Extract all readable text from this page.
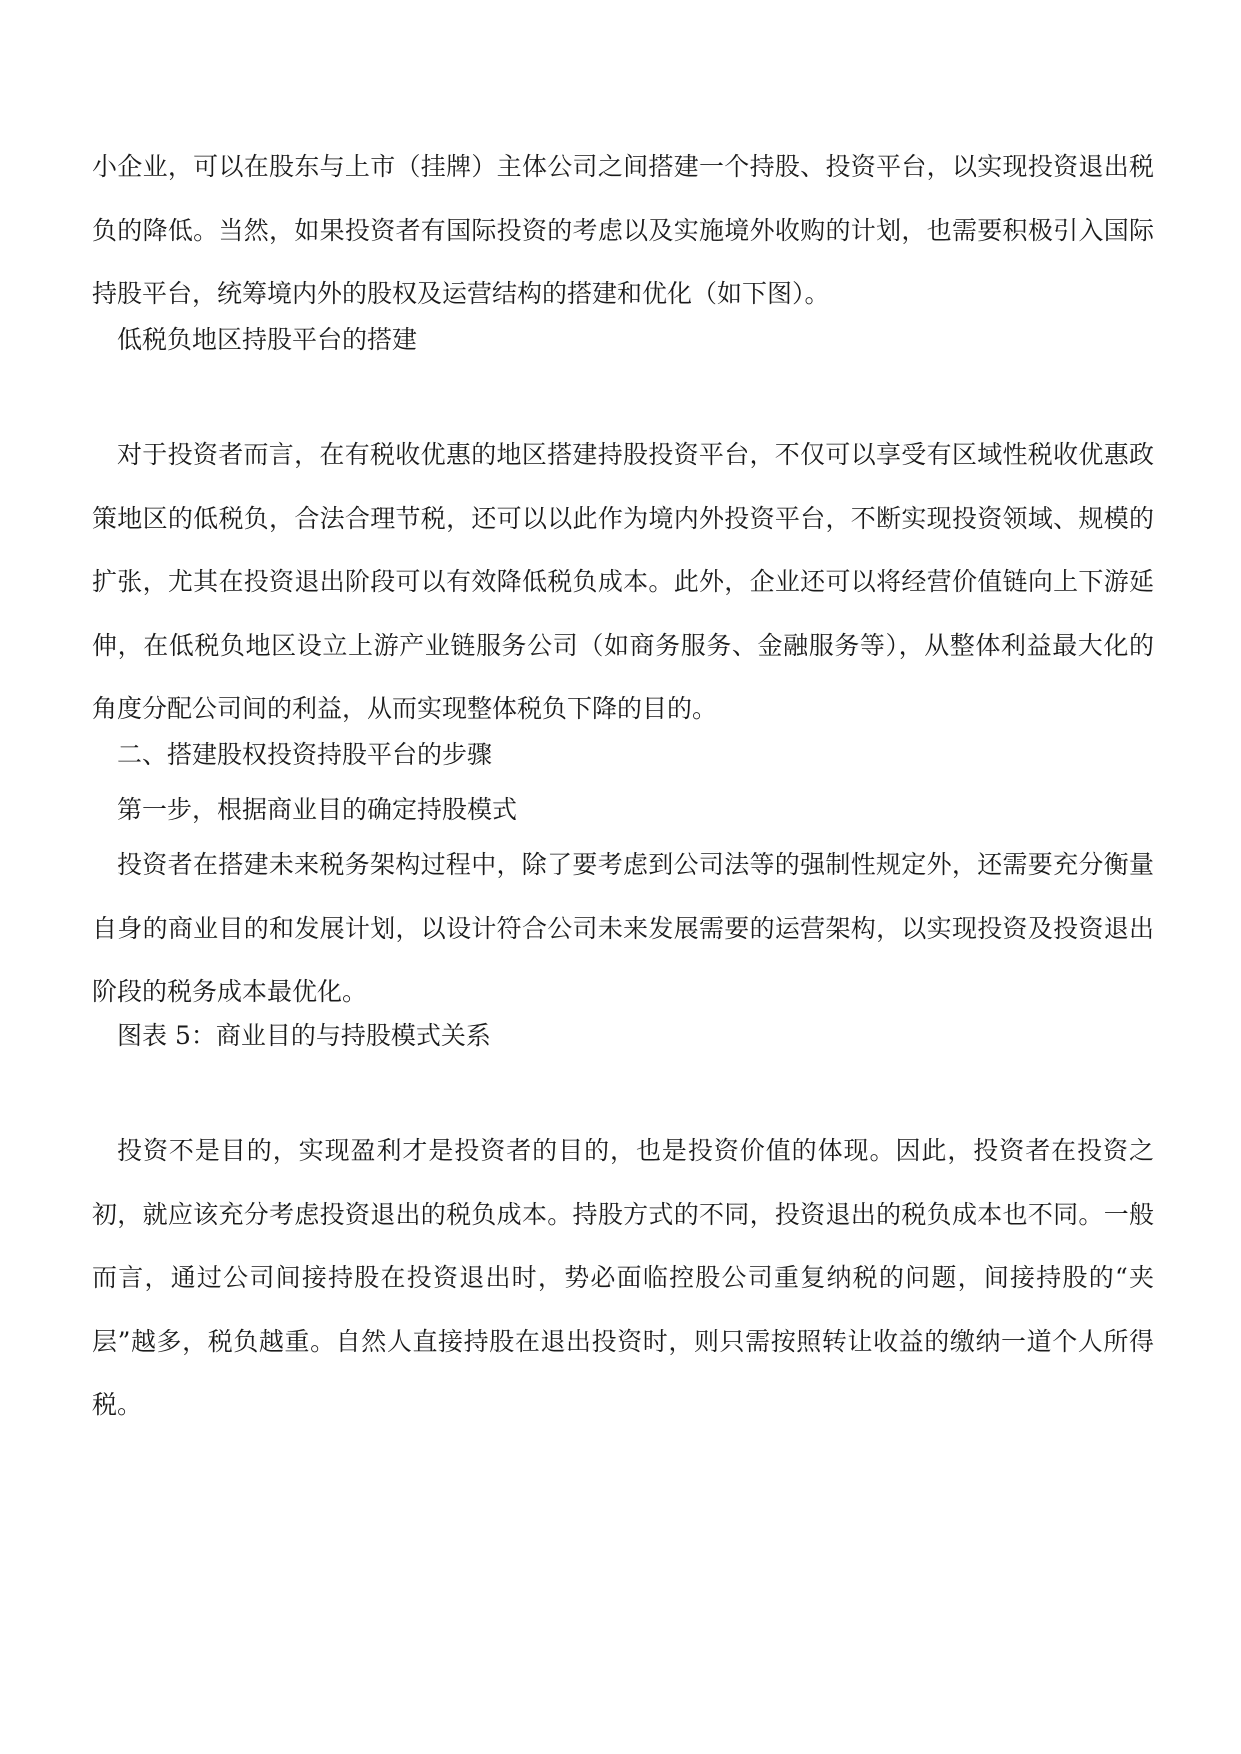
小企业，可以在股东与上市（挂牌）主体公司之间搭建一个持股、投资平台，以实现投资退出税负的降低。当然，如果投资者有国际投资的考虑以及实施境外收购的计划，也需要积极引入国际持股平台，统筹境内外的股权及运营结构的搭建和优化（如下图）。

低税负地区持股平台的搭建

对于投资者而言，在有税收优惠的地区搭建持股投资平台，不仅可以享受有区域性税收优惠政策地区的低税负，合法合理节税，还可以以此作为境内外投资平台，不断实现投资领域、规模的扩张，尤其在投资退出阶段可以有效降低税负成本。此外，企业还可以将经营价值链向上下游延伸，在低税负地区设立上游产业链服务公司（如商务服务、金融服务等），从整体利益最大化的角度分配公司间的利益，从而实现整体税负下降的目的。

二、搭建股权投资持股平台的步骤

第一步，根据商业目的确定持股模式

投资者在搭建未来税务架构过程中，除了要考虑到公司法等的强制性规定外，还需要充分衡量自身的商业目的和发展计划，以设计符合公司未来发展需要的运营架构，以实现投资及投资退出阶段的税务成本最优化。

图表 5：商业目的与持股模式关系

投资不是目的，实现盈利才是投资者的目的，也是投资价值的体现。因此，投资者在投资之初，就应该充分考虑投资退出的税负成本。持股方式的不同，投资退出的税负成本也不同。一般而言，通过公司间接持股在投资退出时，势必面临控股公司重复纳税的问题，间接持股的“夹层”越多，税负越重。自然人直接持股在退出投资时，则只需按照转让收益的缴纳一道个人所得税。
